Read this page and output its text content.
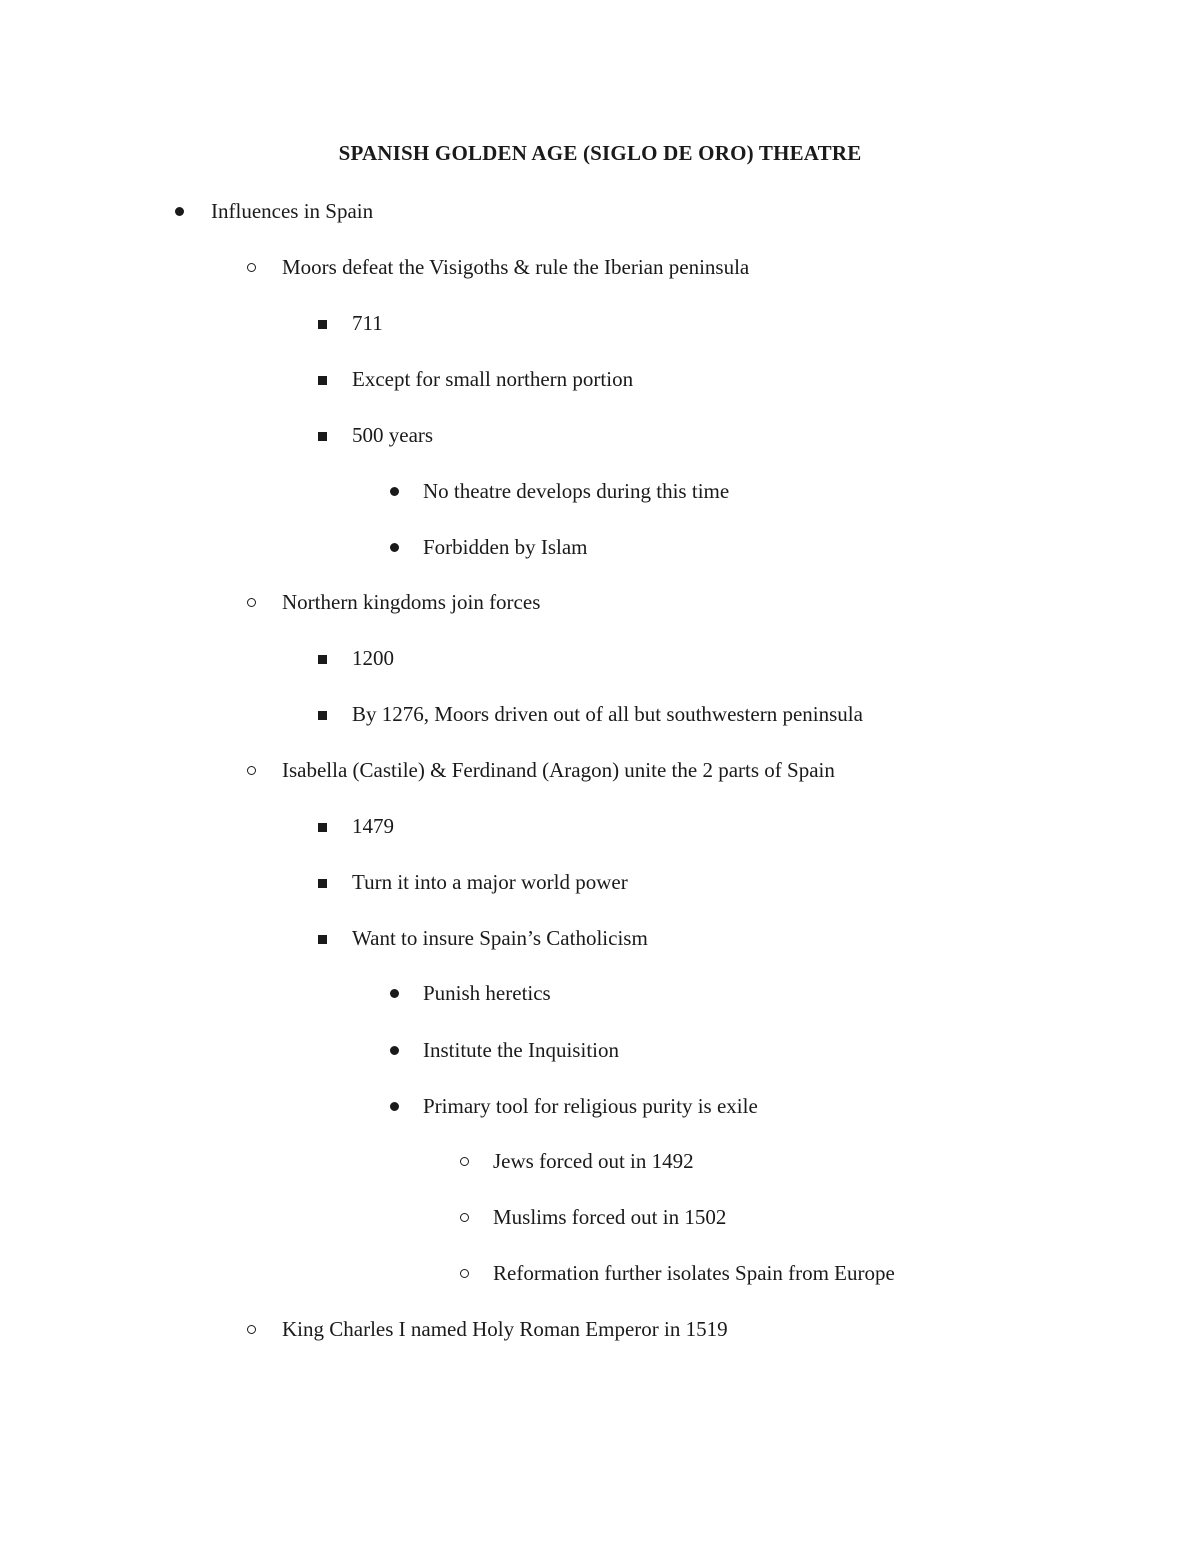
SPANISH GOLDEN AGE (SIGLO DE ORO) THEATRE
Influences in Spain
Moors defeat the Visigoths & rule the Iberian peninsula
711
Except for small northern portion
500 years
No theatre develops during this time
Forbidden by Islam
Northern kingdoms join forces
1200
By 1276, Moors driven out of all but southwestern peninsula
Isabella (Castile) & Ferdinand (Aragon) unite the 2 parts of Spain
1479
Turn it into a major world power
Want to insure Spain’s Catholicism
Punish heretics
Institute the Inquisition
Primary tool for religious purity is exile
Jews forced out in 1492
Muslims forced out in 1502
Reformation further isolates Spain from Europe
King Charles I named Holy Roman Emperor in 1519
